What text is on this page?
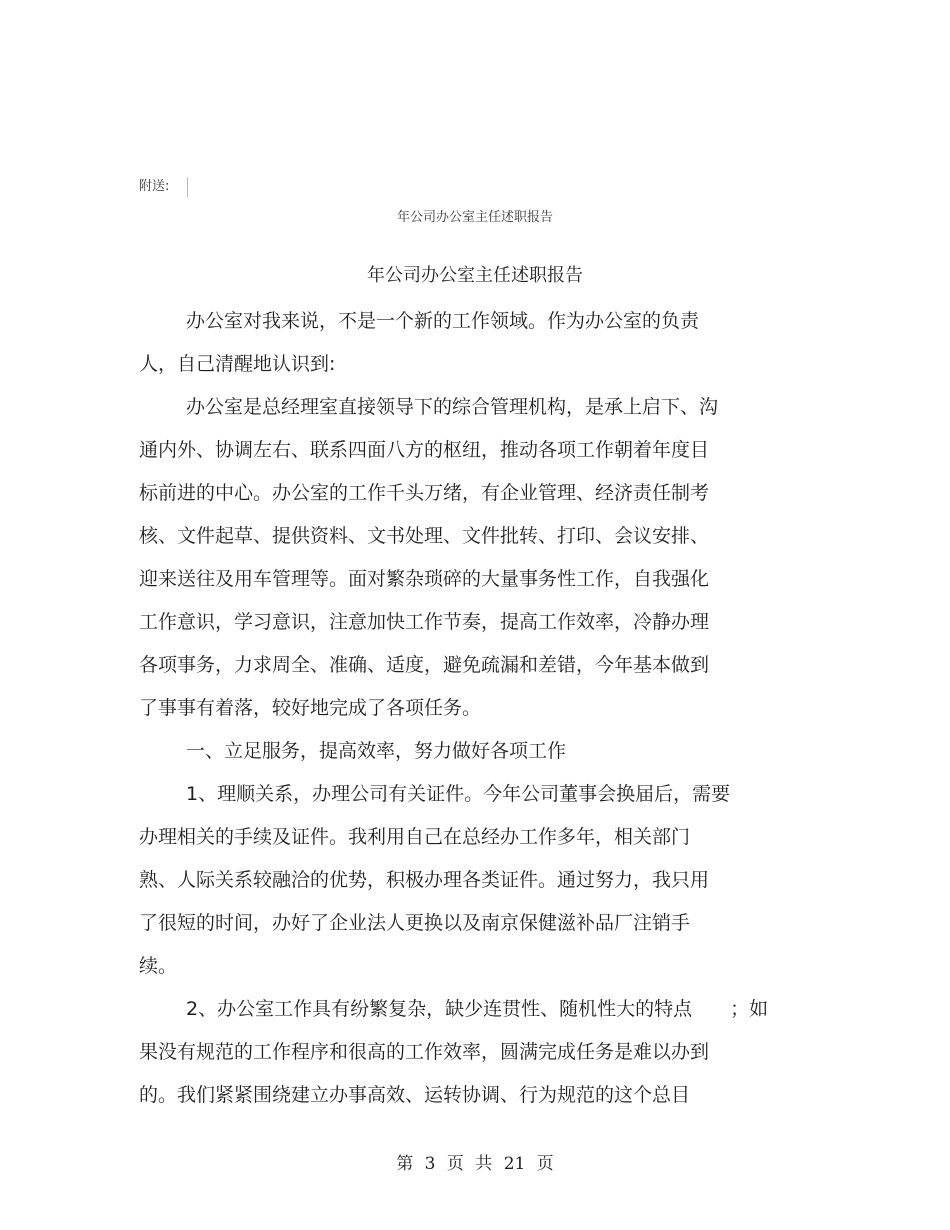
附送:
年公司办公室主任述职报告
年公司办公室主任述职报告
办公室对我来说，不是一个新的工作领域。作为办公室的负责
人，自己清醒地认识到:
办公室是总经理室直接领导下的综合管理机构，是承上启下、沟
通内外、协调左右、联系四面八方的枢纽，推动各项工作朝着年度目
标前进的中心。办公室的工作千头万绪，有企业管理、经济责任制考
核、文件起草、提供资料、文书处理、文件批转、打印、会议安排、
迎来送往及用车管理等。面对繁杂琐碎的大量事务性工作，自我强化
工作意识，学习意识，注意加快工作节奏，提高工作效率，冷静办理
各项事务，力求周全、准确、适度，避免疏漏和差错，今年基本做到
了事事有着落，较好地完成了各项任务。
一、立足服务，提高效率，努力做好各项工作
1、理顺关系，办理公司有关证件。今年公司董事会换届后，需要
办理相关的手续及证件。我利用自己在总经办工作多年，相关部门
熟、人际关系较融洽的优势，积极办理各类证件。通过努力，我只用
了很短的时间，办好了企业法人更换以及南京保健滋补品厂注销手
续。
2、办公室工作具有纷繁复杂，缺少连贯性、随机性大的特点　　；如
果没有规范的工作程序和很高的工作效率，圆满完成任务是难以办到
的。我们紧紧围绕建立办事高效、运转协调、行为规范的这个总目
第 3 页 共 21 页
